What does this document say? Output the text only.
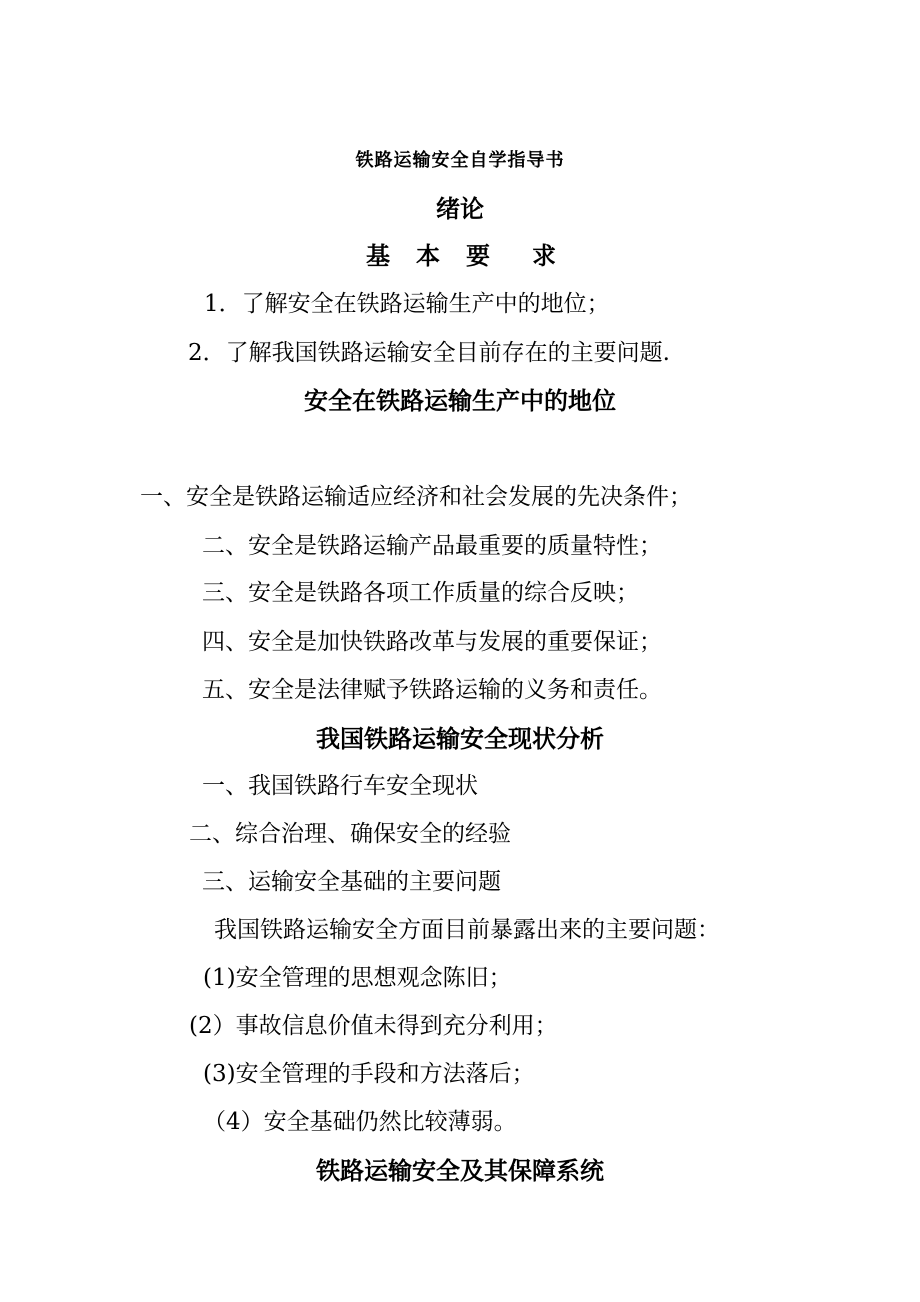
铁路运输安全自学指导书
绪论
基 本 要 求
1．了解安全在铁路运输生产中的地位；
2．了解我国铁路运输安全目前存在的主要问题.
安全在铁路运输生产中的地位
一、安全是铁路运输适应经济和社会发展的先决条件；
二、安全是铁路运输产品最重要的质量特性；
三、安全是铁路各项工作质量的综合反映；
四、安全是加快铁路改革与发展的重要保证；
五、安全是法律赋予铁路运输的义务和责任。
我国铁路运输安全现状分析
一、我国铁路行车安全现状
二、综合治理、确保安全的经验
三、运输安全基础的主要问题
我国铁路运输安全方面目前暴露出来的主要问题：
(1)安全管理的思想观念陈旧；
(2）事故信息价值未得到充分利用；
(3)安全管理的手段和方法落后；
（4）安全基础仍然比较薄弱。
铁路运输安全及其保障系统
